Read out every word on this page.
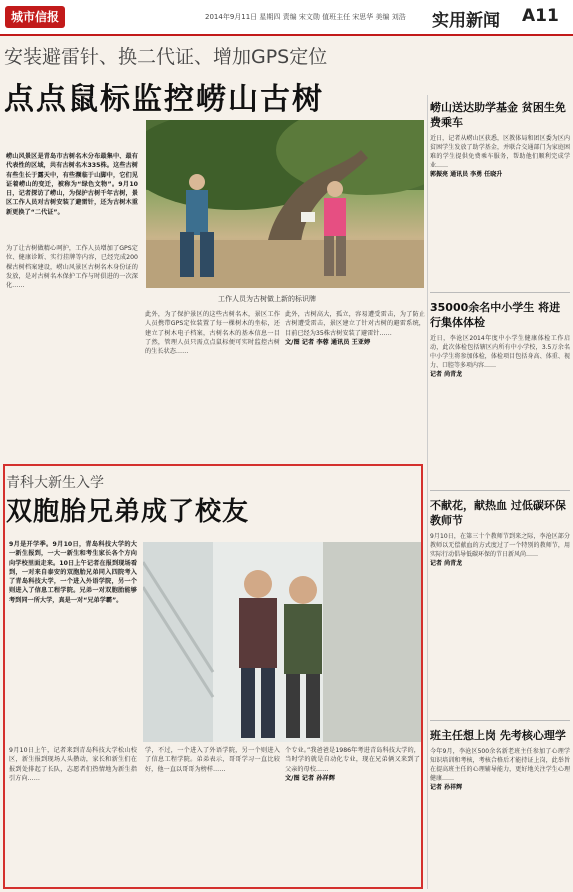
城市信报	2014年9月11日 星期四 责编 宋文勋 值班主任 宋思华 美编 刘浩 实用新闻 A11
安装避雷针、换二代证、增加GPS定位
点点鼠标监控崂山古树
崂山风景区是青岛市古树名木分布最集中、最有代表性的区域，共有古树名木335株。这些古树有些生长于露天中，有些濒临于山脚中，它们见证着崂山的变迁，被称为“绿色文物”。9月10日，记者探访了崂山，为保护古树千年古树，景区工作人员对古树安装了避雷针，还为古树木重新更换了“二代证”。
工作人员为古树做上新的标识牌
为了让古树做精心呵护，工作人员增加了GPS定位、健康诊断、实行挂牌等内容，已经完成200棵古树档案建设，崂山风景区古树名木身份证的发放，是对古树名木保护工作与时俱进的一次深化……
此外，为了保护景区的这些古树名木，景区工作人员携带GPS定位装置了每一棵树木的坐标，还建立了树木电子档案，古树名木的基本信息一目了然，管理人员只需点点鼠标便可实时监控古树的生长状态……
此外，古树高大，孤立，容易遭受雷击，为了防止古树遭受雷击，景区建立了针对古树的避雷系统，目前已经为35株古树安装了避雷针……
文/图 记者 李蓉 通讯员 王亚婷
青科大新生入学
双胞胎兄弟成了校友
9月是开学季。9月10日，青岛科技大学的大一新生报到，一大一新生和考生家长各个方向向学校里面走来。10日上午记者在报到现场看到，一对来自泰安的双胞胎兄弟同入四院考入了青岛科技大学，一个进入外语学院，另一个则进入了信息工程学院。兄弟一对双胞胎能够考到同一所大学，真是一对“兄弟学霸”。
9月10日上午，记者来到青岛科技大学松山校区，新生报到现场人头攒动，家长和新生们在报到处排起了长队，志愿者们热情地为新生指引方向……
学，不过，一个进入了外语学院，另一个则进入了信息工程学院。弟弟表示，哥哥学习一直比较好，他一直以哥哥为榜样……
个专业。”我爸爸是1986年考进青岛科技大学的，当时学的就是自动化专业，现在兄弟俩又来到了父亲的母校……
文/图 记者 孙祥辉
崂山送达助学基金 贫困生免费乘车
近日，记者从崂山区获悉，区教体局和团区委为区内贫困学生发放了助学基金，并联合交通部门为家庭困难的学生提供免费乘车服务，帮助他们顺利完成学业……
郭振亮 通讯员 李勇 任晓升
35000余名中小学生 将进行集体体检
近日，李沧区2014年度中小学生健康体检工作启动，此次体检包括辖区内所有中小学校，3.5万余名中小学生将参加体检，体检项目包括身高、体重、视力、口腔等多项内容……
记者 尚青龙
不献花，献热血 过低碳环保教师节
9月10日，在第三十个教师节到来之际，李沧区部分教师以无偿献血的方式度过了一个特别的教师节，用实际行动倡导低碳环保的节日新风尚……
记者 尚青龙
班主任想上岗 先考核心理学
今年9月，李沧区500余名新老班主任参加了心理学知识培训和考核，考核合格后才能持证上岗，此举旨在提高班主任的心理辅导能力，更好地关注学生心理健康……
记者 孙祥辉
